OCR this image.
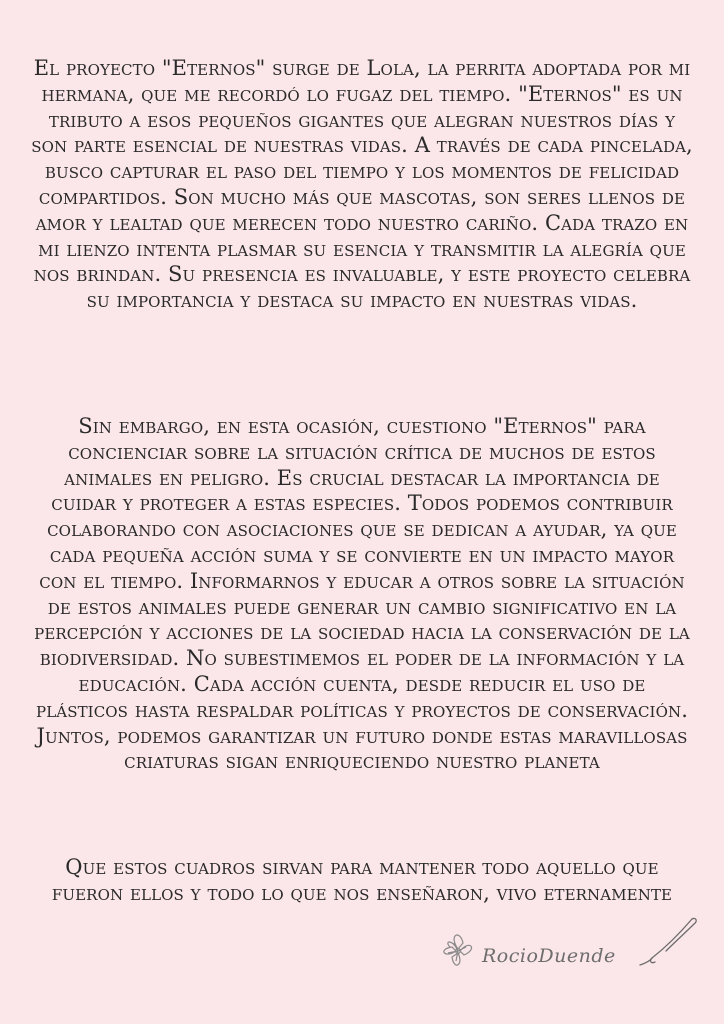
El proyecto "Eternos" surge de Lola, la perrita adoptada por mi hermana, que me recordó lo fugaz del tiempo. "Eternos" es un tributo a esos pequeños gigantes que alegran nuestros días y son parte esencial de nuestras vidas. A través de cada pincelada, busco capturar el paso del tiempo y los momentos de felicidad compartidos. Son mucho más que mascotas, son seres llenos de amor y lealtad que merecen todo nuestro cariño. Cada trazo en mi lienzo intenta plasmar su esencia y transmitir la alegría que nos brindan. Su presencia es invaluable, y este proyecto celebra su importancia y destaca su impacto en nuestras vidas.

Sin embargo, en esta ocasión, cuestiono "Eternos" para concienciar sobre la situación crítica de muchos de estos animales en peligro. Es crucial destacar la importancia de cuidar y proteger a estas especies. Todos podemos contribuir colaborando con asociaciones que se dedican a ayudar, ya que cada pequeña acción suma y se convierte en un impacto mayor con el tiempo. Informarnos y educar a otros sobre la situación de estos animales puede generar un cambio significativo en la percepción y acciones de la sociedad hacia la conservación de la biodiversidad. No subestimemos el poder de la información y la educación. Cada acción cuenta, desde reducir el uso de plásticos hasta respaldar políticas y proyectos de conservación. Juntos, podemos garantizar un futuro donde estas maravillosas criaturas sigan enriqueciendo nuestro planeta

Que estos cuadros sirvan para mantener todo aquello que fueron ellos y todo lo que nos enseñaron, vivo eternamente

RocioDuende
